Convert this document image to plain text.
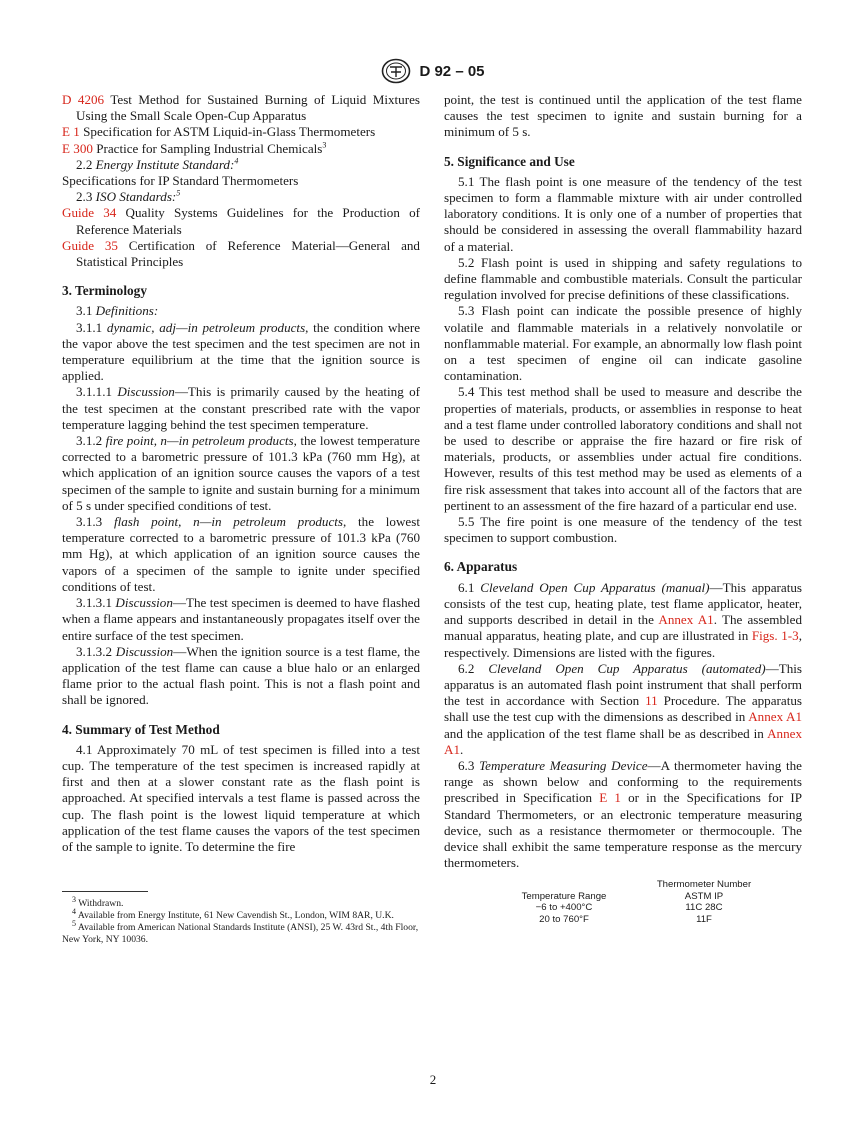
D 92 – 05

D 4206 Test Method for Sustained Burning of Liquid Mixtures Using the Small Scale Open-Cup Apparatus

E 1 Specification for ASTM Liquid-in-Glass Thermometers

E 300 Practice for Sampling Industrial Chemicals$^3$

2.2 Energy Institute Standard:$^4$

Specifications for IP Standard Thermometers

2.3 ISO Standards:$^5$

Guide 34 Quality Systems Guidelines for the Production of Reference Materials

Guide 35 Certification of Reference Material—General and Statistical Principles

3. Terminology

3.1 Definitions:

3.1.1 dynamic, adj—in petroleum products, the condition where the vapor above the test specimen and the test specimen are not in temperature equilibrium at the time that the ignition source is applied.

3.1.1.1 Discussion—This is primarily caused by the heating of the test specimen at the constant prescribed rate with the vapor temperature lagging behind the test specimen temperature.

3.1.2 fire point, n—in petroleum products, the lowest temperature corrected to a barometric pressure of 101.3 kPa (760 mm Hg), at which application of an ignition source causes the vapors of a test specimen of the sample to ignite and sustain burning for a minimum of 5 s under specified conditions of test.

3.1.3 flash point, n—in petroleum products, the lowest temperature corrected to a barometric pressure of 101.3 kPa (760 mm Hg), at which application of an ignition source causes the vapors of a specimen of the sample to ignite under specified conditions of test.

3.1.3.1 Discussion—The test specimen is deemed to have flashed when a flame appears and instantaneously propagates itself over the entire surface of the test specimen.

3.1.3.2 Discussion—When the ignition source is a test flame, the application of the test flame can cause a blue halo or an enlarged flame prior to the actual flash point. This is not a flash point and shall be ignored.

4. Summary of Test Method

4.1 Approximately 70 mL of test specimen is filled into a test cup. The temperature of the test specimen is increased rapidly at first and then at a slower constant rate as the flash point is approached. At specified intervals a test flame is passed across the cup. The flash point is the lowest liquid temperature at which application of the test flame causes the vapors of the test specimen of the sample to ignite. To determine the fire

$^3$ Withdrawn.

$^4$ Available from Energy Institute, 61 New Cavendish St., London, WIM 8AR, U.K.

$^5$ Available from American National Standards Institute (ANSI), 25 W. 43rd St., 4th Floor, New York, NY 10036.

point, the test is continued until the application of the test flame causes the test specimen to ignite and sustain burning for a minimum of 5 s.

5. Significance and Use

5.1 The flash point is one measure of the tendency of the test specimen to form a flammable mixture with air under controlled laboratory conditions. It is only one of a number of properties that should be considered in assessing the overall flammability hazard of a material.

5.2 Flash point is used in shipping and safety regulations to define flammable and combustible materials. Consult the particular regulation involved for precise definitions of these classifications.

5.3 Flash point can indicate the possible presence of highly volatile and flammable materials in a relatively nonvolatile or nonflammable material. For example, an abnormally low flash point on a test specimen of engine oil can indicate gasoline contamination.

5.4 This test method shall be used to measure and describe the properties of materials, products, or assemblies in response to heat and a test flame under controlled laboratory conditions and shall not be used to describe or appraise the fire hazard or fire risk of materials, products, or assemblies under actual fire conditions. However, results of this test method may be used as elements of a fire risk assessment that takes into account all of the factors that are pertinent to an assessment of the fire hazard of a particular end use.

5.5 The fire point is one measure of the tendency of the test specimen to support combustion.

6. Apparatus

6.1 Cleveland Open Cup Apparatus (manual)—This apparatus consists of the test cup, heating plate, test flame applicator, heater, and supports described in detail in the Annex A1. The assembled manual apparatus, heating plate, and cup are illustrated in Figs. 1-3, respectively. Dimensions are listed with the figures.

6.2 Cleveland Open Cup Apparatus (automated)—This apparatus is an automated flash point instrument that shall perform the test in accordance with Section 11 Procedure. The apparatus shall use the test cup with the dimensions as described in Annex A1 and the application of the test flame shall be as described in Annex A1.

6.3 Temperature Measuring Device—A thermometer having the range as shown below and conforming to the requirements prescribed in Specification E 1 or in the Specifications for IP Standard Thermometers, or an electronic temperature measuring device, such as a resistance thermometer or thermocouple. The device shall exhibit the same temperature response as the mercury thermometers.

	Thermometer Number
Temperature Range	ASTM IP
−6 to +400°C	11C 28C
20 to 760°F	11F
2
